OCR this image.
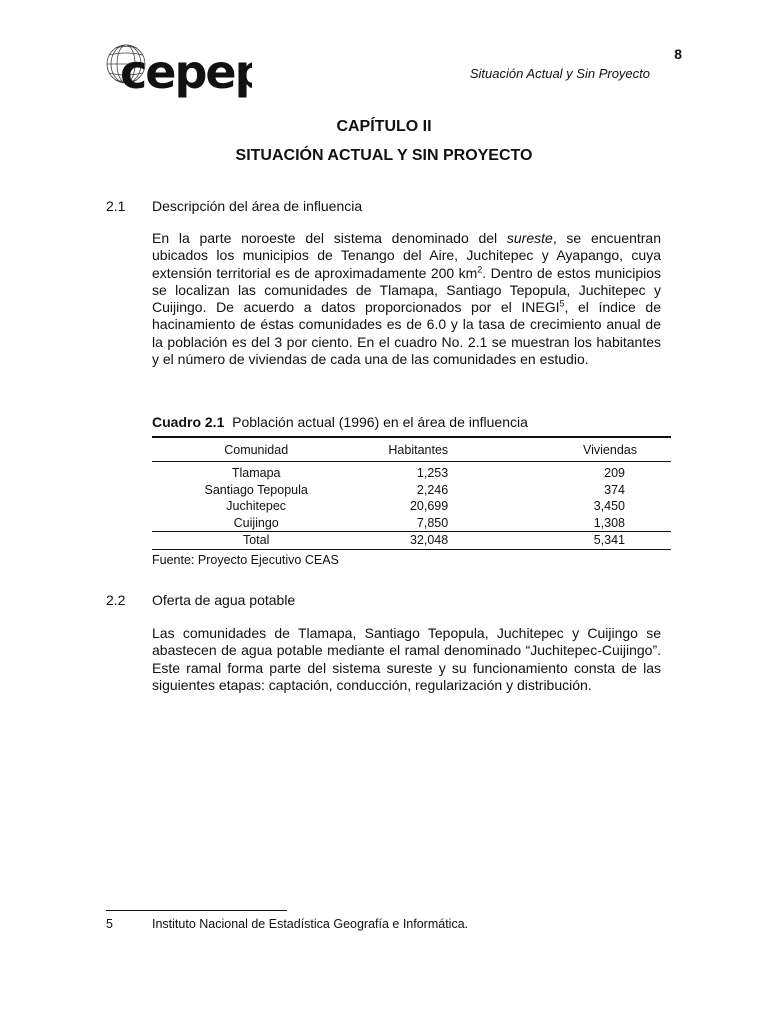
8
cepep	Situación Actual y Sin Proyecto
CAPÍTULO II
SITUACIÓN ACTUAL Y SIN PROYECTO
2.1 Descripción del área de influencia
En la parte noroeste del sistema denominado del sureste, se encuentran ubicados los municipios de Tenango del Aire, Juchitepec y Ayapango, cuya extensión territorial es de aproximadamente 200 $km^2$. Dentro de estos municipios se localizan las comunidades de Tlamapa, Santiago Tepopula, Juchitepec y Cuijingo. De acuerdo a datos proporcionados por el INEGI$^5$, el índice de hacinamiento de éstas comunidades es de 6.0 y la tasa de crecimiento anual de la población es del 3 por ciento. En el cuadro No. 2.1 se muestran los habitantes y el número de viviendas de cada una de las comunidades en estudio.
Cuadro 2.1 Población actual (1996) en el área de influencia
Comunidad	Habitantes	Viviendas
Tlamapa	1,253	209
Santiago Tepopula	2,246	374
Juchitepec	20,699	3,450
Cuijingo	7,850	1,308
Total	32,048	5,341
Fuente: Proyecto Ejecutivo CEAS
2.2 Oferta de agua potable
Las comunidades de Tlamapa, Santiago Tepopula, Juchitepec y Cuijingo se abastecen de agua potable mediante el ramal denominado “Juchitepec-Cuijingo”. Este ramal forma parte del sistema sureste y su funcionamiento consta de las siguientes etapas: captación, conducción, regularización y distribución.
5	Instituto Nacional de Estadística Geografía e Informática.
